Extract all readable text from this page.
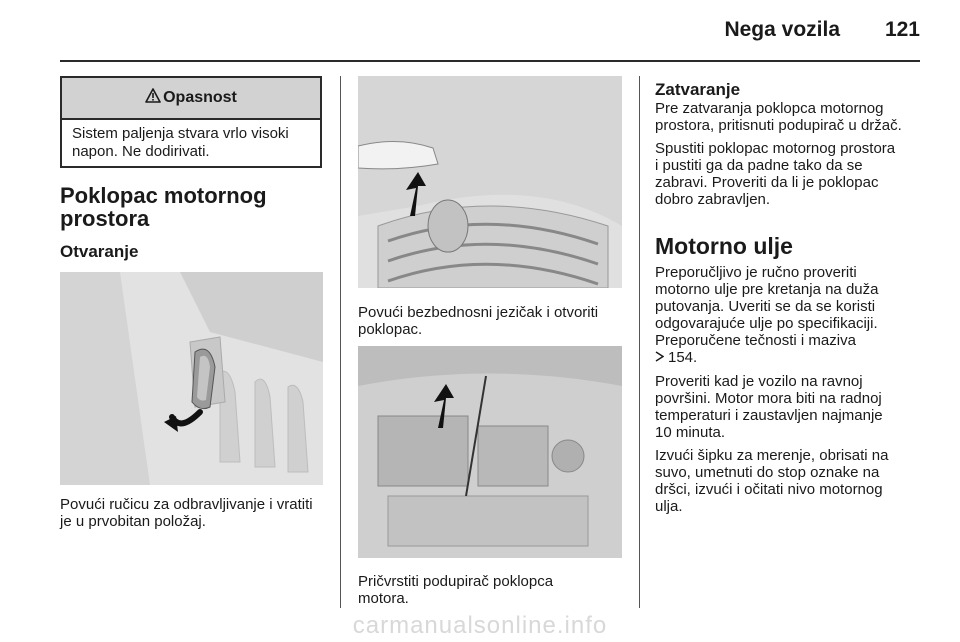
Nega vozila 121
Opasnost
Sistem paljenja stvara vrlo visoki napon. Ne dodirivati.
Poklopac motornog
prostora
Otvaranje
Povući ručicu za odbravljivanje i vratiti
je u prvobitan položaj.
Povući bezbednosni jezičak i otvoriti
poklopac.
Pričvrstiti podupirač poklopca
motora.
Zatvaranje
Pre zatvaranja poklopca motornog
prostora, pritisnuti podupirač u držač.
Spustiti poklopac motornog prostora
i pustiti ga da padne tako da se
zabravi. Proveriti da li je poklopac
dobro zabravljen.
Motorno ulje
Preporučljivo je ručno proveriti
motorno ulje pre kretanja na duža
putovanja. Uveriti se da se koristi
odgovarajuće ulje po specifikaciji.
Preporučene tečnosti i maziva
154.
Proveriti kad je vozilo na ravnoj
površini. Motor mora biti na radnoj
temperaturi i zaustavljen najmanje
10 minuta.
Izvući šipku za merenje, obrisati na
suvo, umetnuti do stop oznake na
dršci, izvući i očitati nivo motornog
ulja.
carmanualsonline.info
